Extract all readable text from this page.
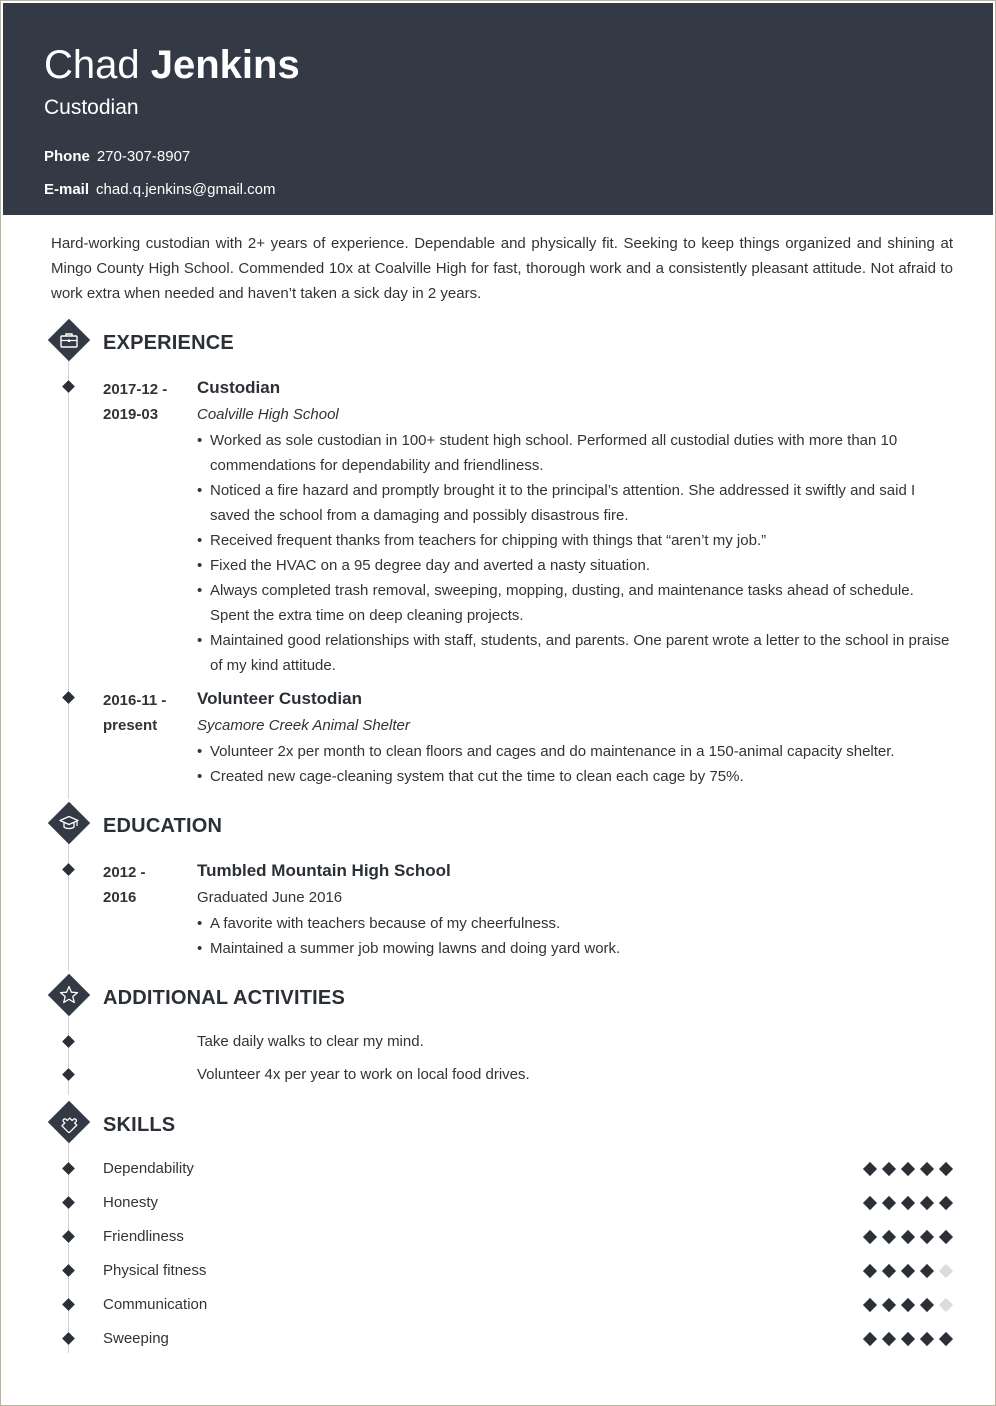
Chad Jenkins
Custodian
Phone 270-307-8907
E-mail chad.q.jenkins@gmail.com

Hard-working custodian with 2+ years of experience. Dependable and physically fit. Seeking to keep things organized and shining at Mingo County High School. Commended 10x at Coalville High for fast, thorough work and a consistently pleasant attitude. Not afraid to work extra when needed and haven’t taken a sick day in 2 years.

EXPERIENCE
2017-12 -
2019-03
Custodian
Coalville High School
• Worked as sole custodian in 100+ student high school. Performed all custodial duties with more than 10 commendations for dependability and friendliness.
• Noticed a fire hazard and promptly brought it to the principal’s attention. She addressed it swiftly and said I saved the school from a damaging and possibly disastrous fire.
• Received frequent thanks from teachers for chipping with things that “aren’t my job.”
• Fixed the HVAC on a 95 degree day and averted a nasty situation.
• Always completed trash removal, sweeping, mopping, dusting, and maintenance tasks ahead of schedule. Spent the extra time on deep cleaning projects.
• Maintained good relationships with staff, students, and parents. One parent wrote a letter to the school in praise of my kind attitude.
2016-11 -
present
Volunteer Custodian
Sycamore Creek Animal Shelter
• Volunteer 2x per month to clean floors and cages and do maintenance in a 150-animal capacity shelter.
• Created new cage-cleaning system that cut the time to clean each cage by 75%.
EDUCATION
2012 -
2016
Tumbled Mountain High School
Graduated June 2016
• A favorite with teachers because of my cheerfulness.
• Maintained a summer job mowing lawns and doing yard work.
ADDITIONAL ACTIVITIES
Take daily walks to clear my mind.
Volunteer 4x per year to work on local food drives.
SKILLS
Dependability
Honesty
Friendliness
Physical fitness
Communication
Sweeping
